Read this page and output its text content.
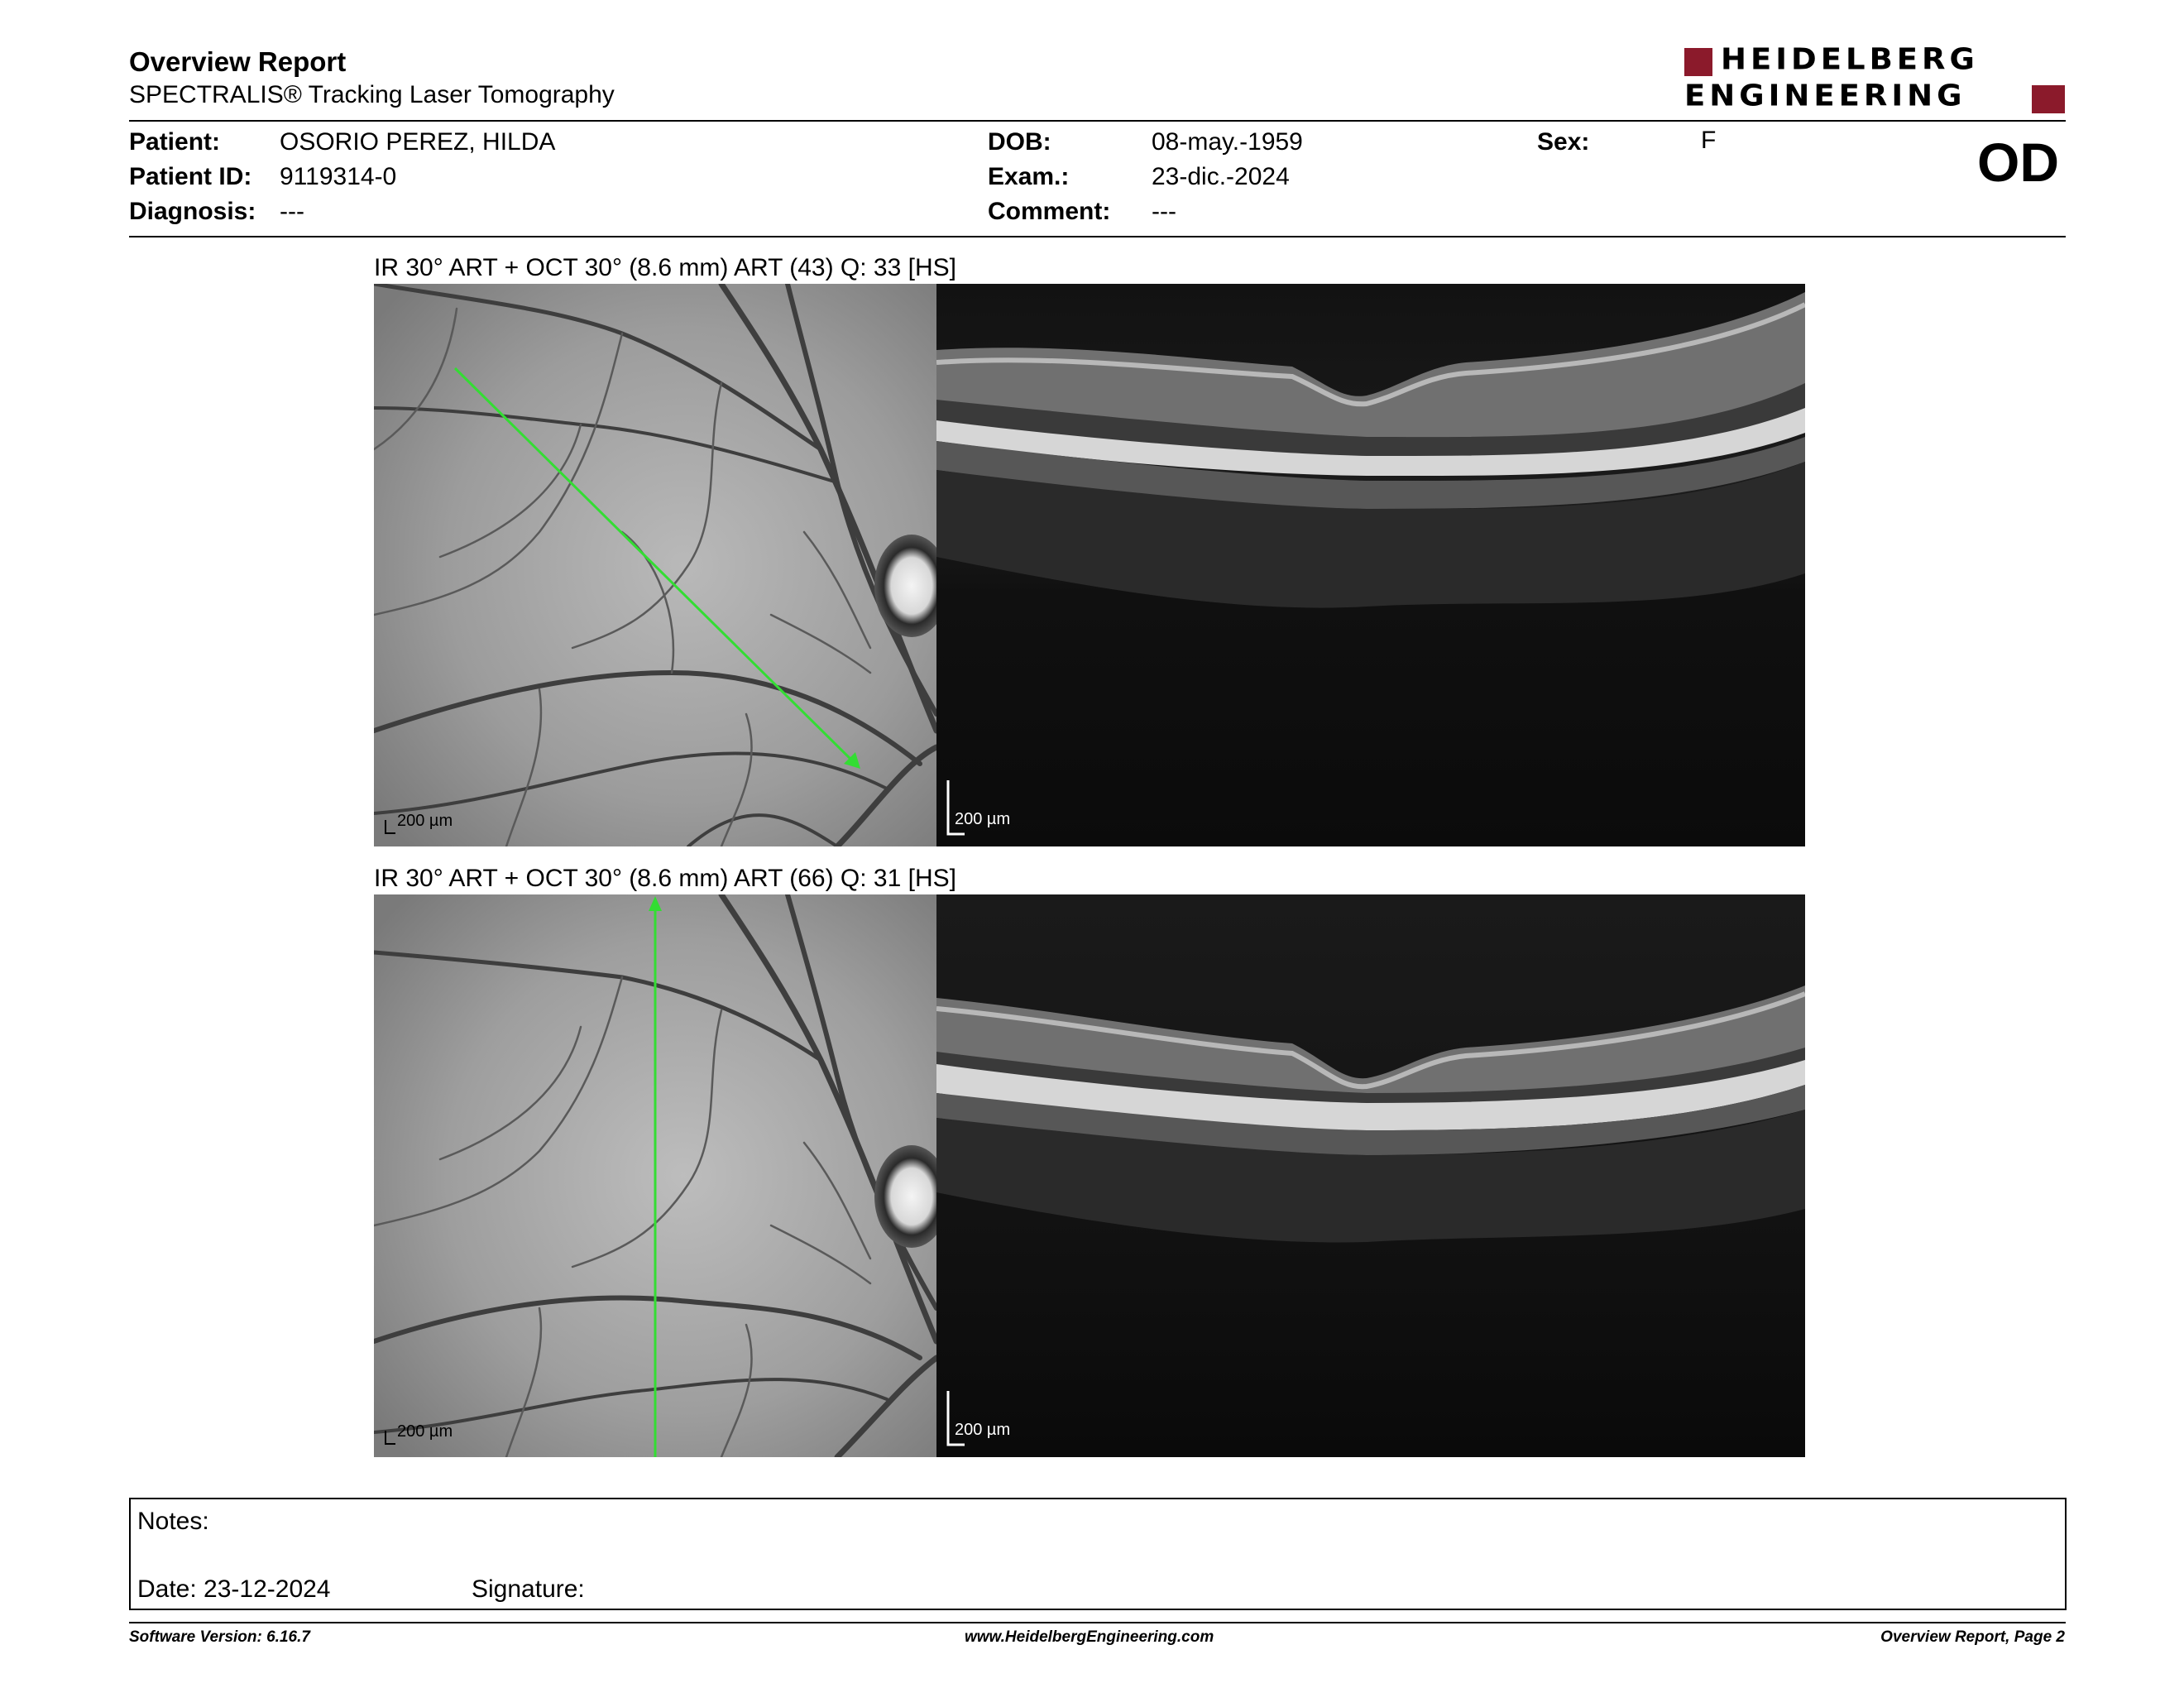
Overview Report
SPECTRALIS® Tracking Laser Tomography
HEIDELBERG
ENGINEERING
Patient: OSORIO PEREZ, HILDA
Patient ID: 9119314-0
Diagnosis: ---
DOB:	08-may.-1959
Exam.:	23-dic.-2024
Comment: ---
Sex:	F	OD
IR 30° ART + OCT 30° (8.6 mm) ART (43) Q: 33 [HS]
200 µm	200 µm
IR 30° ART + OCT 30° (8.6 mm) ART (66) Q: 31 [HS]
200 µm	200 µm
Notes:
Date: 23-12-2024	Signature:
Software Version: 6.16.7	www.HeidelbergEngineering.com	Overview Report, Page 2
